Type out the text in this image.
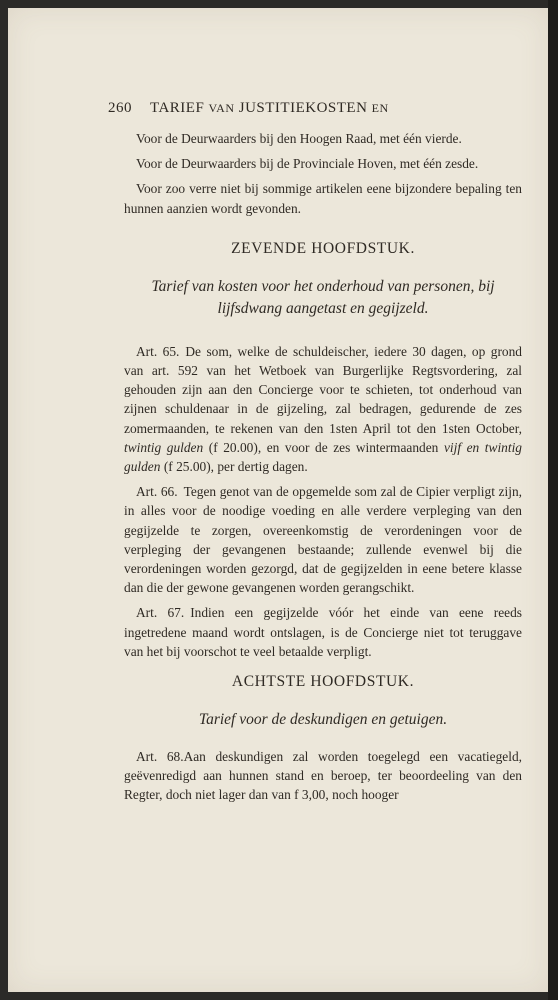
260 TARIEF VAN JUSTITIEKOSTEN EN

Voor de Deurwaarders bij den Hoogen Raad, met één vierde.

Voor de Deurwaarders bij de Provinciale Hoven, met één zesde.

Voor zoo verre niet bij sommige artikelen eene bijzondere bepaling ten hunnen aanzien wordt gevonden.

ZEVENDE HOOFDSTUK.
Tarief van kosten voor het onderhoud van personen, bij lijfsdwang aangetast en gegijzeld.

Art. 65. De som, welke de schuldeischer, iedere 30 dagen, op grond van art. 592 van het Wetboek van Burgerlijke Regtsvordering, zal gehouden zijn aan den Concierge voor te schieten, tot onderhoud van zijnen schuldenaar in de gijzeling, zal bedragen, gedurende de zes zomermaanden, te rekenen van den 1sten April tot den 1sten October, twintig gulden (f 20.00), en voor de zes wintermaanden vijf en twintig gulden (f 25.00), per dertig dagen.

Art. 66. Tegen genot van de opgemelde som zal de Cipier verpligt zijn, in alles voor de noodige voeding en alle verdere verpleging van den gegijzelde te zorgen, overeenkomstig de verordeningen voor de verpleging der gevangenen bestaande; zullende evenwel bij die verordeningen worden gezorgd, dat de gegijzelden in eene betere klasse dan die der gewone gevangenen worden gerangschikt.

Art. 67. Indien een gegijzelde vóór het einde van eene reeds ingetredene maand wordt ontslagen, is de Concierge niet tot teruggave van het bij voorschot te veel betaalde verpligt.

ACHTSTE HOOFDSTUK.
Tarief voor de deskundigen en getuigen.

Art. 68.Aan deskundigen zal worden toegelegd een vacatiegeld, geëvenredigd aan hunnen stand en beroep, ter beoordeeling van den Regter, doch niet lager dan van f 3,00, noch hooger
